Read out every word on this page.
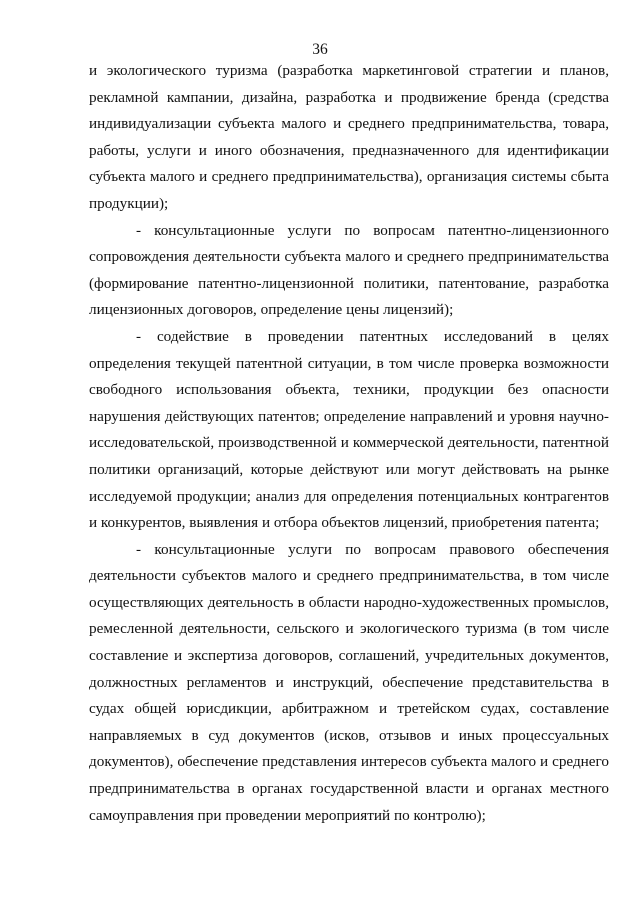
36

и экологического туризма (разработка маркетинговой стратегии и планов, рекламной кампании, дизайна, разработка и продвижение бренда (средства индивидуализации субъекта малого и среднего предпринимательства, товара, работы, услуги и иного обозначения, предназначенного для идентификации субъекта малого и среднего предпринимательства), организация системы сбыта продукции);

- консультационные услуги по вопросам патентно-лицензионного сопровождения деятельности субъекта малого и среднего предпринимательства (формирование патентно-лицензионной политики, патентование, разработка лицензионных договоров, определение цены лицензий);

- содействие в проведении патентных исследований в целях определения текущей патентной ситуации, в том числе проверка возможности свободного использования объекта, техники, продукции без опасности нарушения действующих патентов; определение направлений и уровня научно-исследовательской, производственной и коммерческой деятельности, патентной политики организаций, которые действуют или могут действовать на рынке исследуемой продукции; анализ для определения потенциальных контрагентов и конкурентов, выявления и отбора объектов лицензий, приобретения патента;

- консультационные услуги по вопросам правового обеспечения деятельности субъектов малого и среднего предпринимательства, в том числе осуществляющих деятельность в области народно-художественных промыслов, ремесленной деятельности, сельского и экологического туризма (в том числе составление и экспертиза договоров, соглашений, учредительных документов, должностных регламентов и инструкций, обеспечение представительства в судах общей юрисдикции, арбитражном и третейском судах, составление направляемых в суд документов (исков, отзывов и иных процессуальных документов), обеспечение представления интересов субъекта малого и среднего предпринимательства в органах государственной власти и органах местного самоуправления при проведении мероприятий по контролю);
